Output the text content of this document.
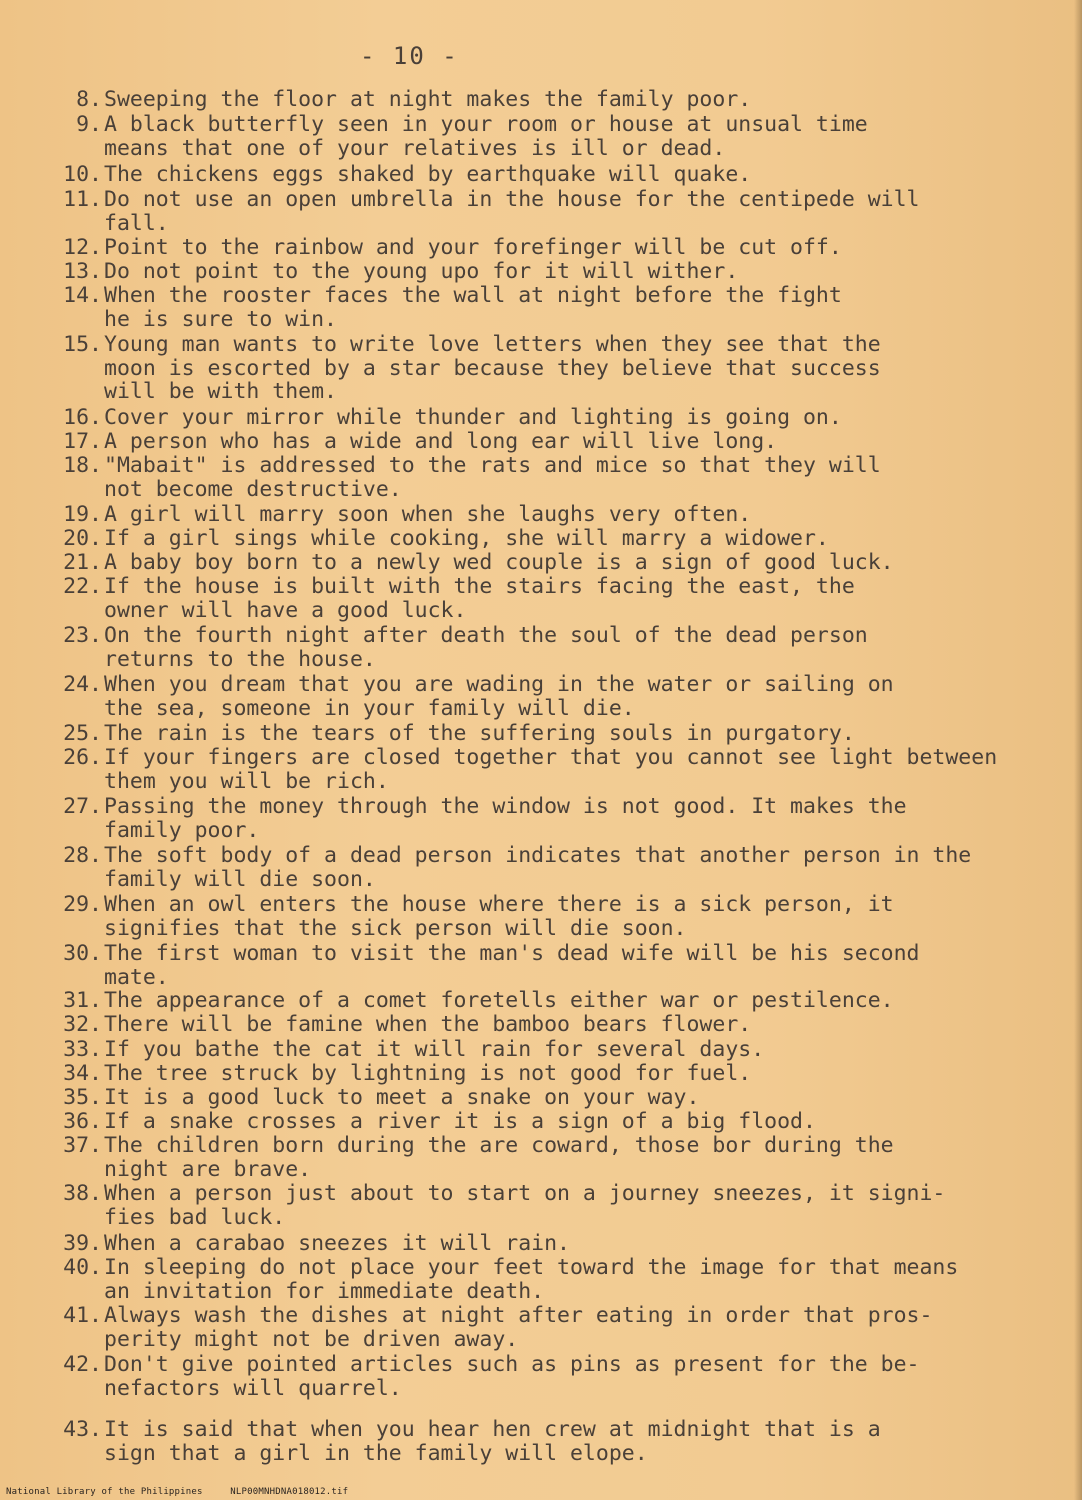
- 10 -
8. Sweeping the floor at night makes the family poor.
9. A black butterfly seen in your room or house at unsual time
means that one of your relatives is ill or dead.
10. The chickens eggs shaked by earthquake will quake.
11. Do not use an open umbrella in the house for the centipede will
fall.
12. Point to the rainbow and your forefinger will be cut off.
13. Do not point to the young upo for it will wither.
14. When the rooster faces the wall at night before the fight
he is sure to win.
15. Young man wants to write love letters when they see that the
moon is escorted by a star because they believe that success
will be with them.
16. Cover your mirror while thunder and lighting is going on.
17. A person who has a wide and long ear will live long.
18. "Mabait" is addressed to the rats and mice so that they will
not become destructive.
19. A girl will marry soon when she laughs very often.
20. If a girl sings while cooking, she will marry a widower.
21. A baby boy born to a newly wed couple is a sign of good luck.
22. If the house is built with the stairs facing the east, the
owner will have a good luck.
23. On the fourth night after death the soul of the dead person
returns to the house.
24. When you dream that you are wading in the water or sailing on
the sea, someone in your family will die.
25. The rain is the tears of the suffering souls in purgatory.
26. If your fingers are closed together that you cannot see light between
them you will be rich.
27. Passing the money through the window is not good. It makes the
family poor.
28. The soft body of a dead person indicates that another person in the
family will die soon.
29. When an owl enters the house where there is a sick person, it
signifies that the sick person will die soon.
30. The first woman to visit the man's dead wife will be his second
mate.
31. The appearance of a comet foretells either war or pestilence.
32. There will be famine when the bamboo bears flower.
33. If you bathe the cat it will rain for several days.
34. The tree struck by lightning is not good for fuel.
35. It is a good luck to meet a snake on your way.
36. If a snake crosses a river it is a sign of a big flood.
37. The children born during the are coward, those bor during the
night are brave.
38. When a person just about to start on a journey sneezes, it signi-
fies bad luck.
39. When a carabao sneezes it will rain.
40. In sleeping do not place your feet toward the image for that means
an invitation for immediate death.
41. Always wash the dishes at night after eating in order that pros-
perity might not be driven away.
42. Don't give pointed articles such as pins as present for the be-
nefactors will quarrel.
43. It is said that when you hear hen crew at midnight that is a
sign that a girl in the family will elope.
National Library of the Philippines	NLP00MNHDNA018012.tif
